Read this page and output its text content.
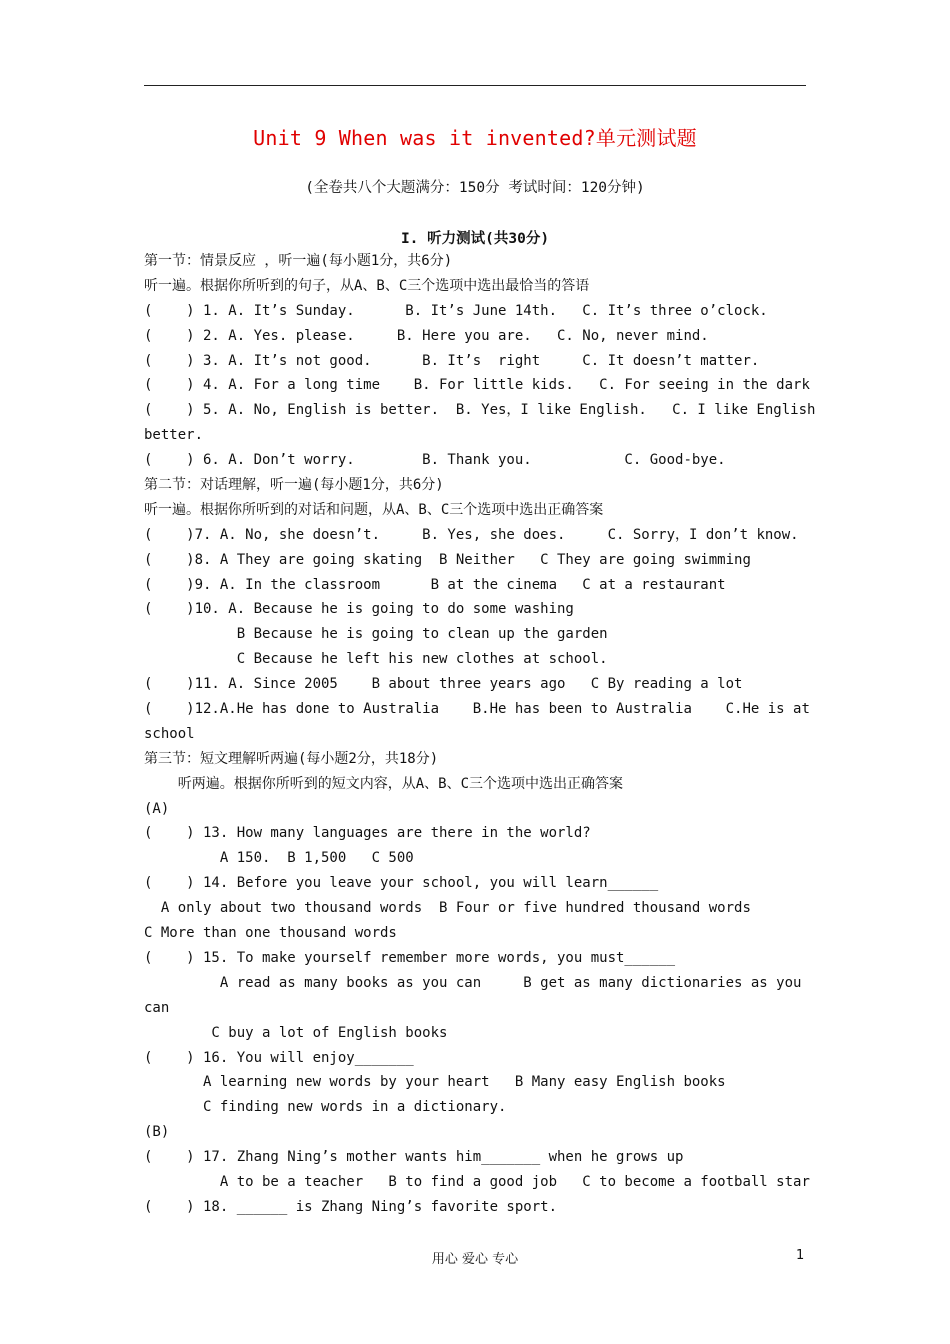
Unit 9 When was it invented?单元测试题
(全卷共八个大题满分：150分 考试时间：120分钟)
I. 听力测试(共30分)
第一节：情景反应 ，听一遍(每小题1分，共6分)
听一遍。根据你所听到的句子，从A、B、C三个选项中选出最恰当的答语
(    ) 1. A. It’s Sunday.      B. It’s June 14th.   C. It’s three o’clock.
(    ) 2. A. Yes. please.     B. Here you are.   C. No, never mind.
(    ) 3. A. It’s not good.      B. It’s  right     C. It doesn’t matter.
(    ) 4. A. For a long time    B. For little kids.   C. For seeing in the dark
(    ) 5. A. No, English is better.  B. Yes，I like English.   C. I like English
better.
(    ) 6. A. Don’t worry.        B. Thank you.           C. Good-bye.
第二节：对话理解，听一遍(每小题1分，共6分)
听一遍。根据你所听到的对话和问题，从A、B、C三个选项中选出正确答案
(    )7. A. No, she doesn’t.     B. Yes, she does.     C. Sorry，I don’t know.
(    )8. A They are going skating  B Neither   C They are going swimming
(    )9. A. In the classroom      B at the cinema   C at a restaurant
(    )10. A. Because he is going to do some washing
B Because he is going to clean up the garden
C Because he left his new clothes at school.
(    )11. A. Since 2005    B about three years ago   C By reading a lot
(    )12.A.He has done to Australia    B.He has been to Australia    C.He is at
school
第三节：短文理解听两遍(每小题2分，共18分)
听两遍。根据你所听到的短文内容，从A、B、C三个选项中选出正确答案
(A)
(    ) 13. How many languages are there in the world?
A 150.  B 1,500   C 500
(    ) 14. Before you leave your school, you will learn______
A only about two thousand words  B Four or five hundred thousand words
C More than one thousand words
(    ) 15. To make yourself remember more words, you must______
A read as many books as you can     B get as many dictionaries as you
can
C buy a lot of English books
(    ) 16. You will enjoy_______
A learning new words by your heart   B Many easy English books
C finding new words in a dictionary.
(B)
(    ) 17. Zhang Ning’s mother wants him_______ when he grows up
A to be a teacher   B to find a good job   C to become a football star
(    ) 18. ______ is Zhang Ning’s favorite sport.
用心 爱心 专心	1
